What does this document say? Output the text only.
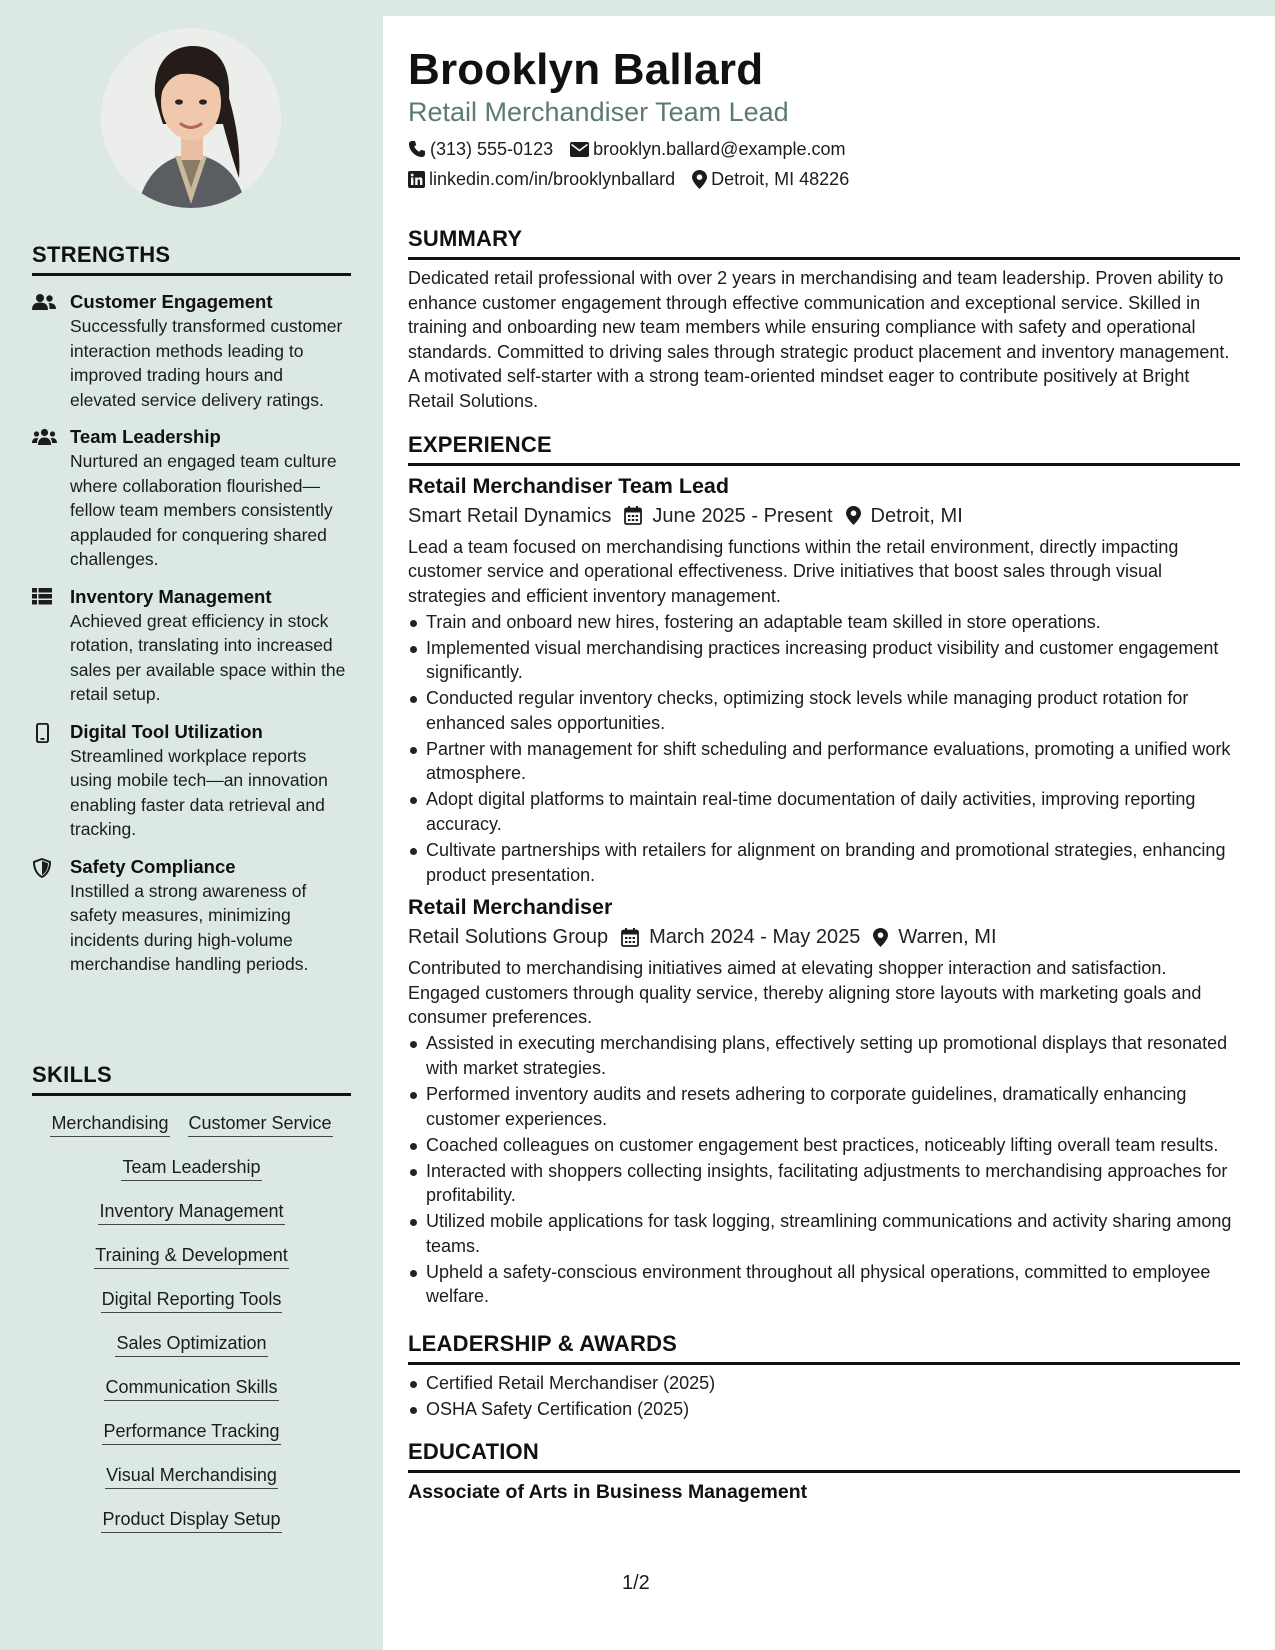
STRENGTHS
Customer Engagement
Successfully transformed customer interaction methods leading to improved trading hours and elevated service delivery ratings.
Team Leadership
Nurtured an engaged team culture where collaboration flourished—fellow team members consistently applauded for conquering shared challenges.
Inventory Management
Achieved great efficiency in stock rotation, translating into increased sales per available space within the retail setup.
Digital Tool Utilization
Streamlined workplace reports using mobile tech—an innovation enabling faster data retrieval and tracking.
Safety Compliance
Instilled a strong awareness of safety measures, minimizing incidents during high-volume merchandise handling periods.
SKILLS
Merchandising Customer Service
Team Leadership
Inventory Management
Training & Development
Digital Reporting Tools
Sales Optimization
Communication Skills
Performance Tracking
Visual Merchandising
Product Display Setup
Brooklyn Ballard
Retail Merchandiser Team Lead
(313) 555-0123 brooklyn.ballard@example.com
linkedin.com/in/brooklynballard Detroit, MI 48226
SUMMARY

Dedicated retail professional with over 2 years in merchandising and team leadership. Proven ability to enhance customer engagement through effective communication and exceptional service. Skilled in training and onboarding new team members while ensuring compliance with safety and operational standards. Committed to driving sales through strategic product placement and inventory management. A motivated self-starter with a strong team-oriented mindset eager to contribute positively at Bright Retail Solutions.

EXPERIENCE
Retail Merchandiser Team Lead
Smart Retail Dynamics June 2025 - Present Detroit, MI

Lead a team focused on merchandising functions within the retail environment, directly impacting customer service and operational effectiveness. Drive initiatives that boost sales through visual strategies and efficient inventory management.

Train and onboard new hires, fostering an adaptable team skilled in store operations.
Implemented visual merchandising practices increasing product visibility and customer engagement significantly.
Conducted regular inventory checks, optimizing stock levels while managing product rotation for enhanced sales opportunities.
Partner with management for shift scheduling and performance evaluations, promoting a unified work atmosphere.
Adopt digital platforms to maintain real-time documentation of daily activities, improving reporting accuracy.
Cultivate partnerships with retailers for alignment on branding and promotional strategies, enhancing product presentation.
Retail Merchandiser
Retail Solutions Group March 2024 - May 2025 Warren, MI

Contributed to merchandising initiatives aimed at elevating shopper interaction and satisfaction. Engaged customers through quality service, thereby aligning store layouts with marketing goals and consumer preferences.

Assisted in executing merchandising plans, effectively setting up promotional displays that resonated with market strategies.
Performed inventory audits and resets adhering to corporate guidelines, dramatically enhancing customer experiences.
Coached colleagues on customer engagement best practices, noticeably lifting overall team results.
Interacted with shoppers collecting insights, facilitating adjustments to merchandising approaches for profitability.
Utilized mobile applications for task logging, streamlining communications and activity sharing among teams.
Upheld a safety-conscious environment throughout all physical operations, committed to employee welfare.
LEADERSHIP & AWARDS
Certified Retail Merchandiser (2025)
OSHA Safety Certification (2025)
EDUCATION
Associate of Arts in Business Management
1/2
